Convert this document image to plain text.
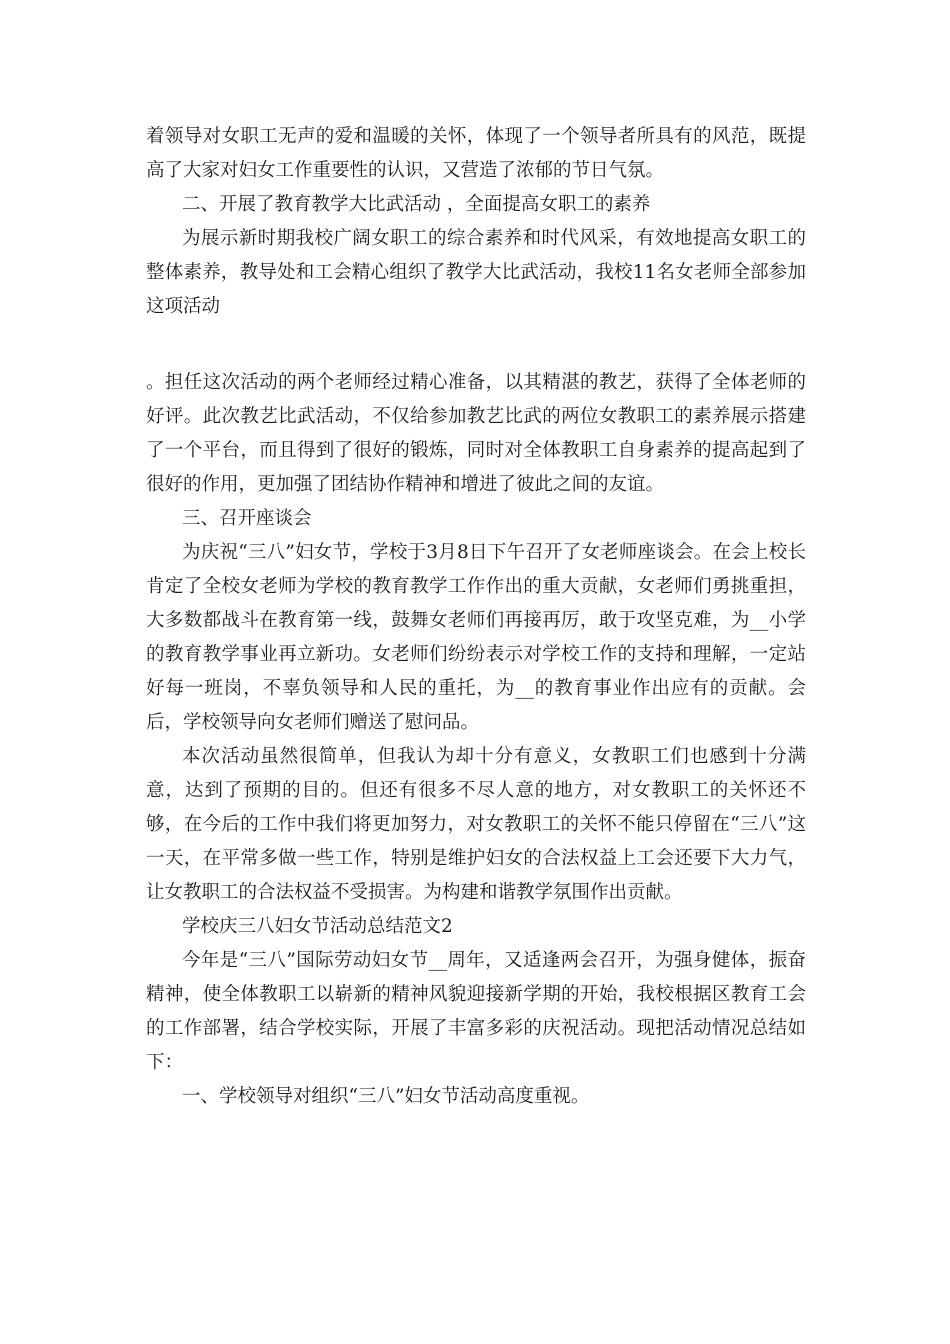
着领导对女职工无声的爱和温暖的关怀，体现了一个领导者所具有的风范，既提高了大家对妇女工作重要性的认识，又营造了浓郁的节日气氛。

二、开展了教育教学大比武活动 ，全面提高女职工的素养

为展示新时期我校广阔女职工的综合素养和时代风采，有效地提高女职工的整体素养，教导处和工会精心组织了教学大比武活动，我校11名女老师全部参加这项活动

。担任这次活动的两个老师经过精心准备，以其精湛的教艺，获得了全体老师的好评。此次教艺比武活动，不仅给参加教艺比武的两位女教职工的素养展示搭建了一个平台，而且得到了很好的锻炼，同时对全体教职工自身素养的提高起到了很好的作用，更加强了团结协作精神和增进了彼此之间的友谊。

三、召开座谈会

为庆祝“三八”妇女节，学校于3月8日下午召开了女老师座谈会。在会上校长肯定了全校女老师为学校的教育教学工作作出的重大贡献，女老师们勇挑重担，大多数都战斗在教育第一线，鼓舞女老师们再接再厉，敢于攻坚克难，为__小学的教育教学事业再立新功。女老师们纷纷表示对学校工作的支持和理解，一定站好每一班岗，不辜负领导和人民的重托，为__的教育事业作出应有的贡献。会后，学校领导向女老师们赠送了慰问品。

本次活动虽然很简单，但我认为却十分有意义，女教职工们也感到十分满意，达到了预期的目的。但还有很多不尽人意的地方，对女教职工的关怀还不够，在今后的工作中我们将更加努力，对女教职工的关怀不能只停留在“三八”这一天，在平常多做一些工作，特别是维护妇女的合法权益上工会还要下大力气，让女教职工的合法权益不受损害。为构建和谐教学氛围作出贡献。

学校庆三八妇女节活动总结范文2

今年是“三八”国际劳动妇女节__周年，又适逢两会召开，为强身健体，振奋精神，使全体教职工以崭新的精神风貌迎接新学期的开始，我校根据区教育工会的工作部署，结合学校实际，开展了丰富多彩的庆祝活动。现把活动情况总结如下：

一、学校领导对组织“三八”妇女节活动高度重视。
